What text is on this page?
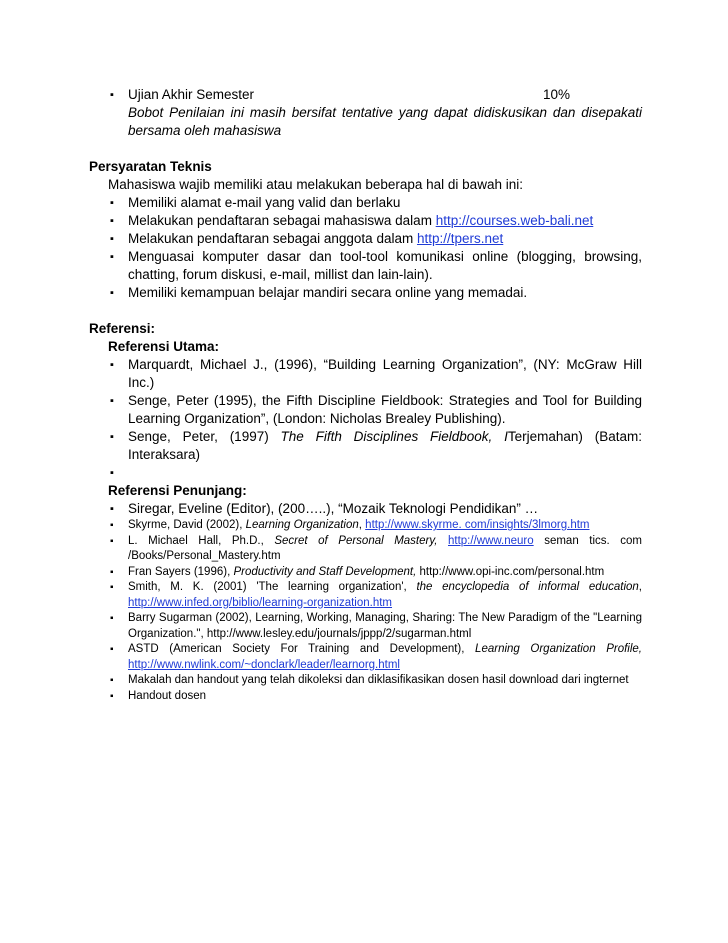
▪ Ujian Akhir Semester	10%
Bobot Penilaian ini masih bersifat tentative yang dapat didiskusikan dan disepakati bersama oleh mahasiswa
Persyaratan Teknis
Mahasiswa wajib memiliki atau melakukan beberapa hal di bawah ini:
▪ Memiliki alamat e-mail yang valid dan berlaku
▪ Melakukan pendaftaran sebagai mahasiswa dalam http://courses.web-bali.net
▪ Melakukan pendaftaran sebagai anggota dalam http://tpers.net
▪ Menguasai komputer dasar dan tool-tool komunikasi online (blogging, browsing, chatting, forum diskusi, e-mail, millist dan lain-lain).
▪ Memiliki kemampuan belajar mandiri secara online yang memadai.
Referensi:
Referensi Utama:
▪ Marquardt, Michael J., (1996), “Building Learning Organization”, (NY: McGraw Hill Inc.)
▪ Senge, Peter (1995), the Fifth Discipline Fieldbook: Strategies and Tool for Building Learning Organization”, (London: Nicholas Brealey Publishing).
▪ Senge, Peter, (1997) The Fifth Disciplines Fieldbook, ITerjemahan) (Batam: Interaksara)
▪
Referensi Penunjang:
▪ Siregar, Eveline (Editor), (200…..), “Mozaik Teknologi Pendidikan” …
▪ Skyrme, David (2002), Learning Organization, http://www.skyrme. com/insights/3lmorg.htm
▪ L. Michael Hall, Ph.D., Secret of Personal Mastery, http://www.neuro seman tics. com /Books/Personal_Mastery.htm
▪ Fran Sayers (1996), Productivity and Staff Development, http://www.opi-inc.com/personal.htm
▪ Smith, M. K. (2001) 'The learning organization', the encyclopedia of informal education, http://www.infed.org/biblio/learning-organization.htm
▪ Barry Sugarman (2002), Learning, Working, Managing, Sharing: The New Paradigm of the "Learning Organization.", http://www.lesley.edu/journals/jppp/2/sugarman.html
▪ ASTD (American Society For Training and Development), Learning Organization Profile, http://www.nwlink.com/~donclark/leader/learnorg.html
▪ Makalah dan handout yang telah dikoleksi dan diklasifikasikan dosen hasil download dari ingternet
▪ Handout dosen
